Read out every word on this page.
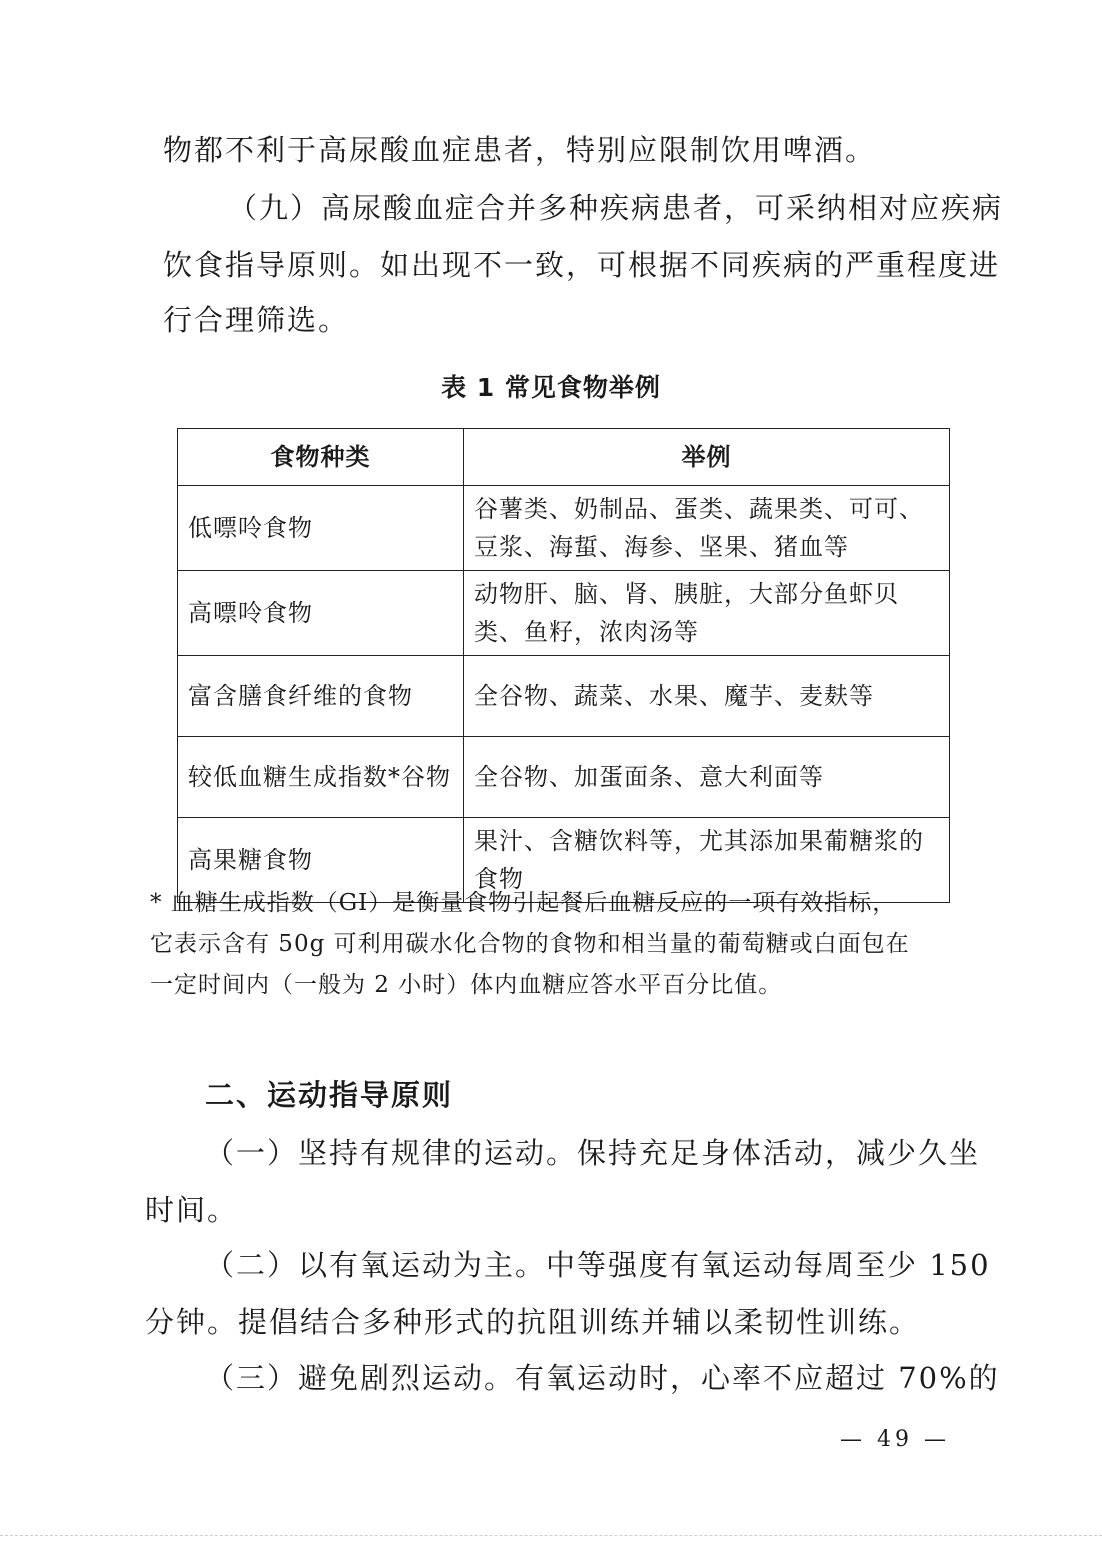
物都不利于高尿酸血症患者，特别应限制饮用啤酒。
（九）高尿酸血症合并多种疾病患者，可采纳相对应疾病
饮食指导原则。如出现不一致，可根据不同疾病的严重程度进
行合理筛选。
表 1 常见食物举例
食物种类	举例
低嘌呤食物	谷薯类、奶制品、蛋类、蔬果类、可可、豆浆、海蜇、海参、坚果、猪血等
高嘌呤食物	动物肝、脑、肾、胰脏，大部分鱼虾贝类、鱼籽，浓肉汤等
富含膳食纤维的食物	全谷物、蔬菜、水果、魔芋、麦麸等
较低血糖生成指数*谷物	全谷物、加蛋面条、意大利面等
高果糖食物	果汁、含糖饮料等，尤其添加果葡糖浆的食物
* 血糖生成指数（GI）是衡量食物引起餐后血糖反应的一项有效指标，
它表示含有 50g 可利用碳水化合物的食物和相当量的葡萄糖或白面包在
一定时间内（一般为 2 小时）体内血糖应答水平百分比值。
二、运动指导原则
（一）坚持有规律的运动。保持充足身体活动，减少久坐
时间。
（二）以有氧运动为主。中等强度有氧运动每周至少 150
分钟。提倡结合多种形式的抗阻训练并辅以柔韧性训练。
（三）避免剧烈运动。有氧运动时，心率不应超过 70%的
— 49 —
